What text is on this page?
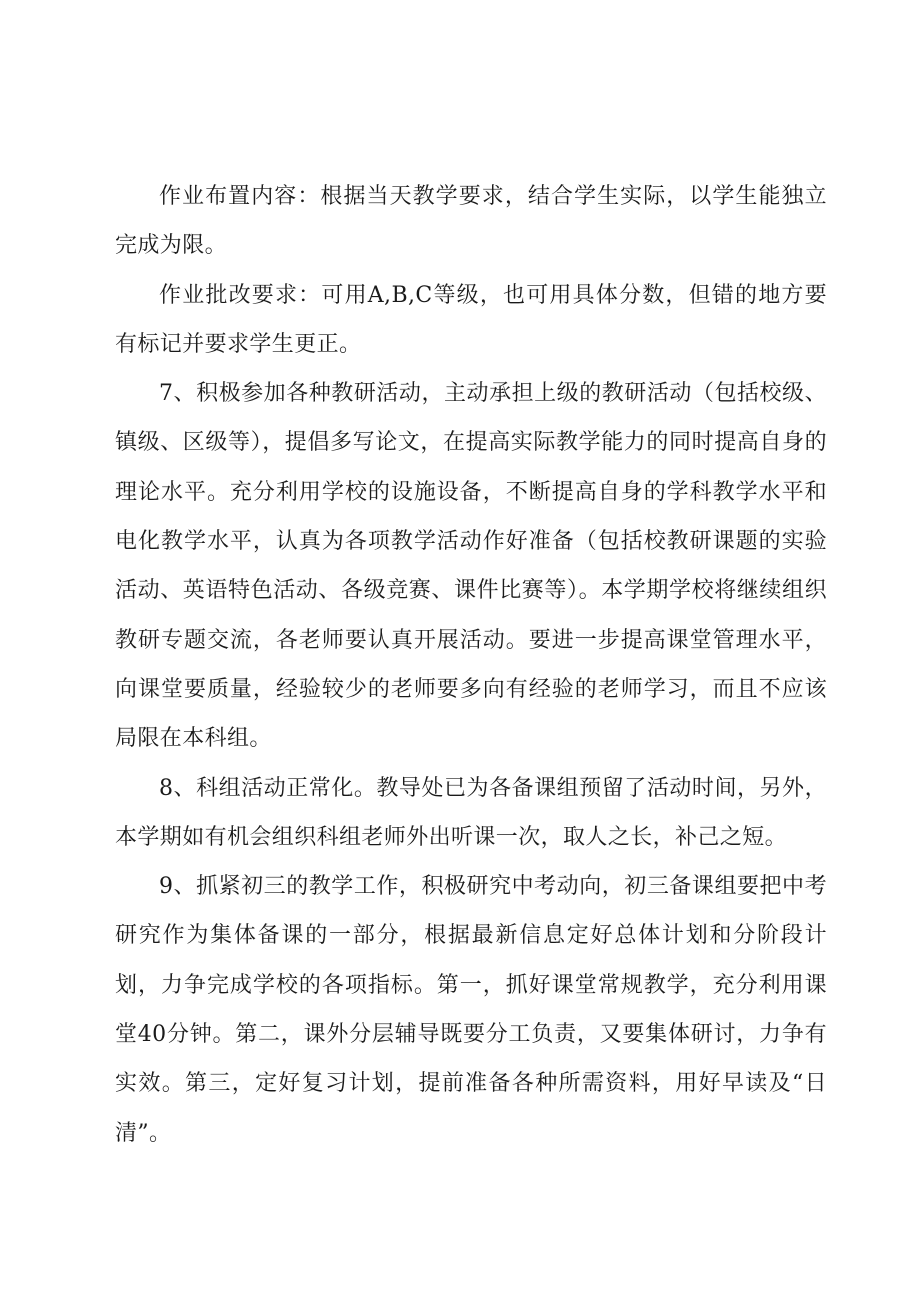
作业布置内容：根据当天教学要求，结合学生实际，以学生能独立完成为限。

作业批改要求：可用A,B,C等级，也可用具体分数，但错的地方要有标记并要求学生更正。

7、积极参加各种教研活动，主动承担上级的教研活动（包括校级、镇级、区级等），提倡多写论文，在提高实际教学能力的同时提高自身的理论水平。充分利用学校的设施设备，不断提高自身的学科教学水平和电化教学水平，认真为各项教学活动作好准备（包括校教研课题的实验活动、英语特色活动、各级竞赛、课件比赛等）。本学期学校将继续组织教研专题交流，各老师要认真开展活动。要进一步提高课堂管理水平，向课堂要质量，经验较少的老师要多向有经验的老师学习，而且不应该局限在本科组。

8、科组活动正常化。教导处已为各备课组预留了活动时间，另外，本学期如有机会组织科组老师外出听课一次，取人之长，补己之短。

9、抓紧初三的教学工作，积极研究中考动向，初三备课组要把中考研究作为集体备课的一部分，根据最新信息定好总体计划和分阶段计划，力争完成学校的各项指标。第一，抓好课堂常规教学，充分利用课堂40分钟。第二，课外分层辅导既要分工负责，又要集体研讨，力争有实效。第三，定好复习计划，提前准备各种所需资料，用好早读及“日清”。
